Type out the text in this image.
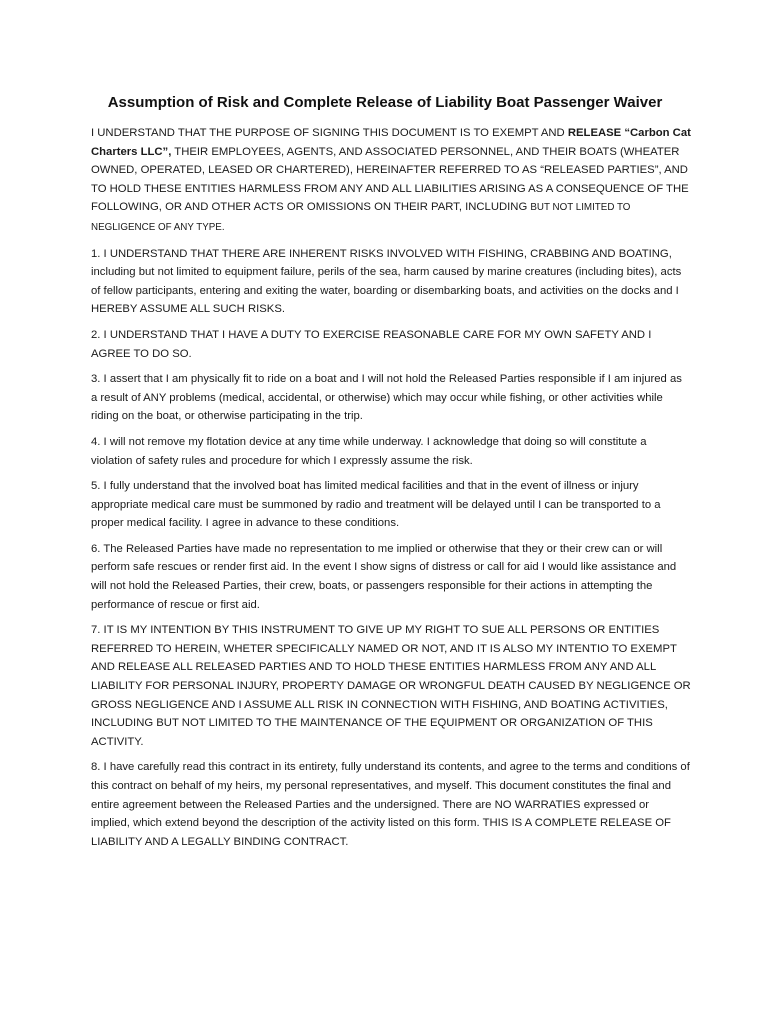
Assumption of Risk and Complete Release of Liability Boat Passenger Waiver

I UNDERSTAND THAT THE PURPOSE OF SIGNING THIS DOCUMENT IS TO EXEMPT AND RELEASE “Carbon Cat Charters LLC”, THEIR EMPLOYEES, AGENTS, AND ASSOCIATED PERSONNEL, AND THEIR BOATS (WHEATER OWNED, OPERATED, LEASED OR CHARTERED), HEREINAFTER REFERRED TO AS “RELEASED PARTIES”, AND TO HOLD THESE ENTITIES HARMLESS FROM ANY AND ALL LIABILITIES ARISING AS A CONSEQUENCE OF THE FOLLOWING, OR AND OTHER ACTS OR OMISSIONS ON THEIR PART, INCLUDING BUT NOT LIMITED TO NEGLIGENCE OF ANY TYPE.

1. I UNDERSTAND THAT THERE ARE INHERENT RISKS INVOLVED WITH FISHING, CRABBING AND BOATING, including but not limited to equipment failure, perils of the sea, harm caused by marine creatures (including bites), acts of fellow participants, entering and exiting the water, boarding or disembarking boats, and activities on the docks and I HEREBY ASSUME ALL SUCH RISKS.

2. I UNDERSTAND THAT I HAVE A DUTY TO EXERCISE REASONABLE CARE FOR MY OWN SAFETY AND I AGREE TO DO SO.

3. I assert that I am physically fit to ride on a boat and I will not hold the Released Parties responsible if I am injured as a result of ANY problems (medical, accidental, or otherwise) which may occur while fishing, or other activities while riding on the boat, or otherwise participating in the trip.

4. I will not remove my flotation device at any time while underway. I acknowledge that doing so will constitute a violation of safety rules and procedure for which I expressly assume the risk.

5. I fully understand that the involved boat has limited medical facilities and that in the event of illness or injury appropriate medical care must be summoned by radio and treatment will be delayed until I can be transported to a proper medical facility. I agree in advance to these conditions.

6. The Released Parties have made no representation to me implied or otherwise that they or their crew can or will perform safe rescues or render first aid. In the event I show signs of distress or call for aid I would like assistance and will not hold the Released Parties, their crew, boats, or passengers responsible for their actions in attempting the performance of rescue or first aid.

7. IT IS MY INTENTION BY THIS INSTRUMENT TO GIVE UP MY RIGHT TO SUE ALL PERSONS OR ENTITIES REFERRED TO HEREIN, WHETER SPECIFICALLY NAMED OR NOT, AND IT IS ALSO MY INTENTIO TO EXEMPT AND RELEASE ALL RELEASED PARTIES AND TO HOLD THESE ENTITIES HARMLESS FROM ANY AND ALL LIABILITY FOR PERSONAL INJURY, PROPERTY DAMAGE OR WRONGFUL DEATH CAUSED BY NEGLIGENCE OR GROSS NEGLIGENCE AND I ASSUME ALL RISK IN CONNECTION WITH FISHING, AND BOATING ACTIVITIES, INCLUDING BUT NOT LIMITED TO THE MAINTENANCE OF THE EQUIPMENT OR ORGANIZATION OF THIS ACTIVITY.

8. I have carefully read this contract in its entirety, fully understand its contents, and agree to the terms and conditions of this contract on behalf of my heirs, my personal representatives, and myself. This document constitutes the final and entire agreement between the Released Parties and the undersigned. There are NO WARRATIES expressed or implied, which extend beyond the description of the activity listed on this form. THIS IS A COMPLETE RELEASE OF LIABILITY AND A LEGALLY BINDING CONTRACT.
